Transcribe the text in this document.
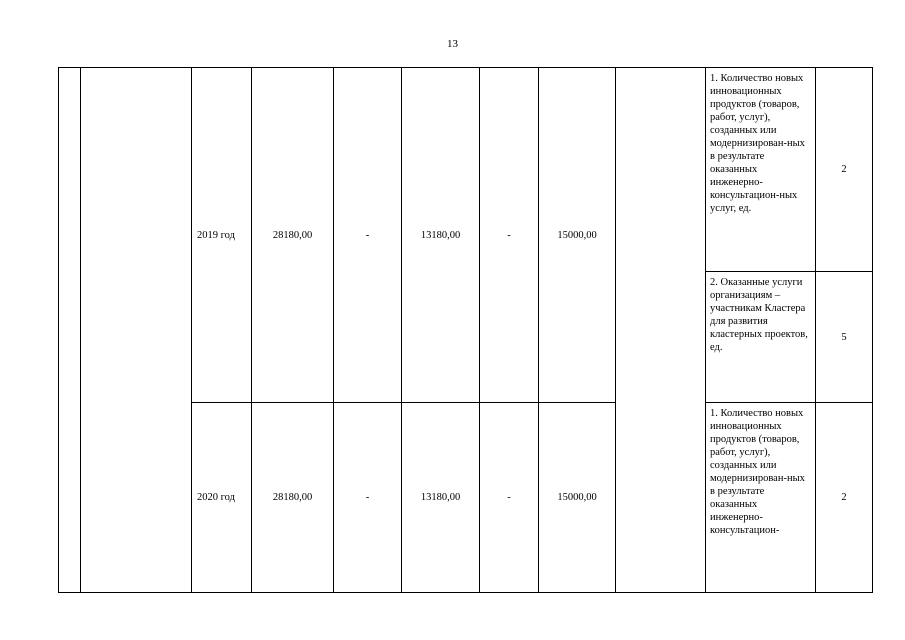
13
		2019 год	28180,00	-	13180,00	-	15000,00		1. Количество новых инновационных продуктов (товаров, работ, услуг), созданных или модернизирован-ных в результате оказанных инженерно-консультацион-ных услуг, ед.	2
									2. Оказанные услуги организациям – участникам Кластера для развития кластерных проектов, ед.	5
		2020 год	28180,00	-	13180,00	-	15000,00		1. Количество новых инновационных продуктов (товаров, работ, услуг), созданных или модернизирован-ных в результате оказанных инженерно-консультацион-	2
